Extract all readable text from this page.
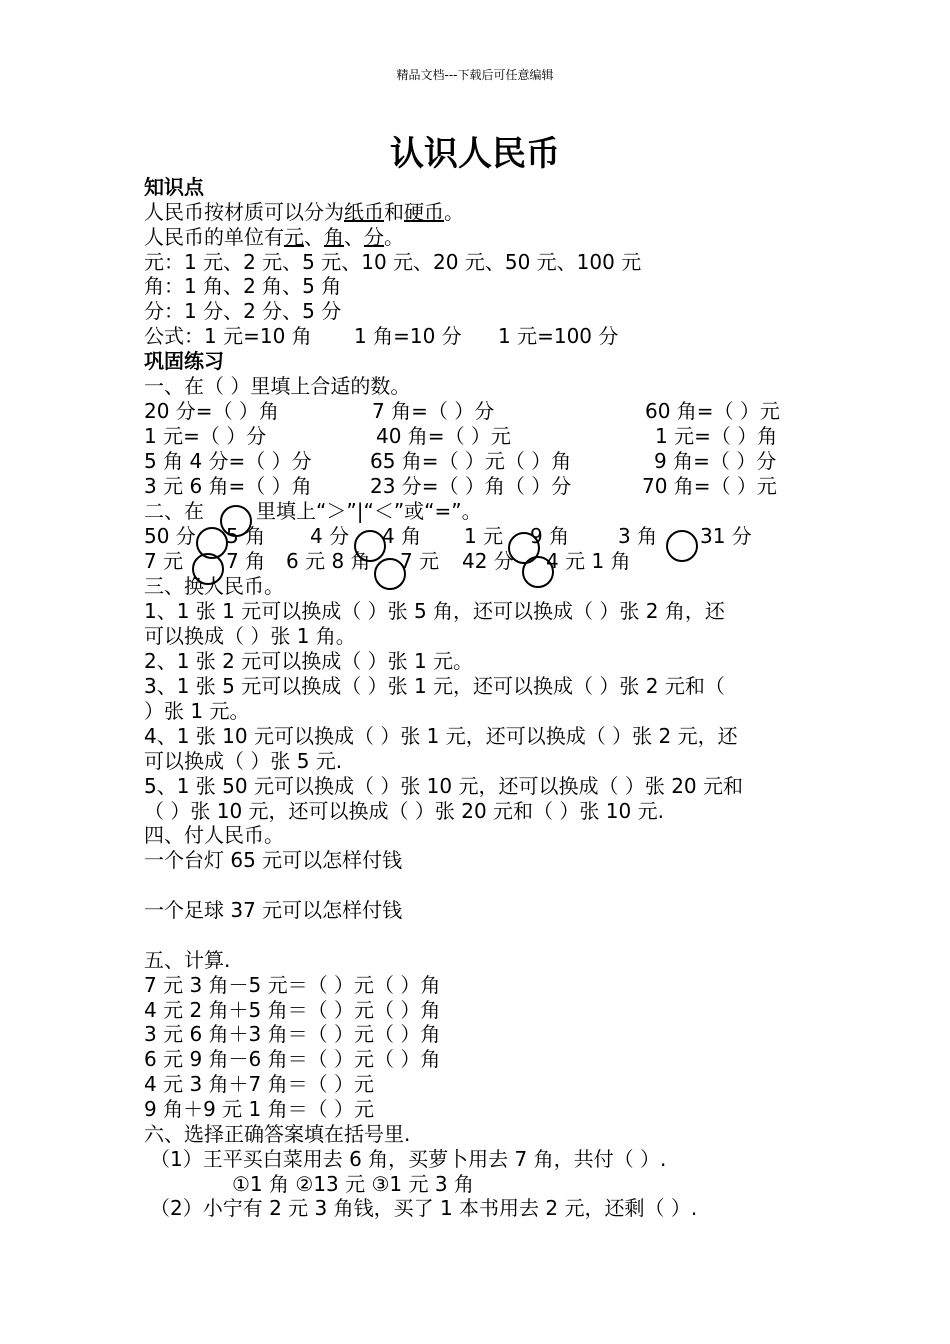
精品文档---下载后可任意编辑
认识人民币
知识点
人民币按材质可以分为纸币和硬币。
人民币的单位有元、角、分。
元：1 元、2 元、5 元、10 元、20 元、50 元、100 元
角：1 角、2 角、5 角
分：1 分、2 分、5 分
公式：1 元=10 角 1 角=10 分 1 元=100 分
巩固练习
一、在（ ）里填上合适的数。
20 分=（ ）角	7 角=（ ）分	60 角=（ ）元
1 元=（ ）分	40 角=（ ）元	1 元=（ ）角
5 角 4 分=（ ）分	65 角=（ ）元（ ）角	9 角=（ ）分
3 元 6 角=（ ）角	23 分=（ ）角（ ）分	70 角=（ ）元
二、在	里填上“＞”|“＜”或“=”。
50 分 5 角 4 分 4 角 1 元 9 角 3 角 31 分
7 元 7 角 6 元 8 角 7 元 42 分 4 元 1 角
三、换人民币。
1、1 张 1 元可以换成（ ）张 5 角，还可以换成（ ）张 2 角，还
可以换成（ ）张 1 角。
2、1 张 2 元可以换成（ ）张 1 元。
3、1 张 5 元可以换成（ ）张 1 元，还可以换成（ ）张 2 元和（
）张 1 元。
4、1 张 10 元可以换成（ ）张 1 元，还可以换成（ ）张 2 元，还
可以换成（ ）张 5 元.
5、1 张 50 元可以换成（ ）张 10 元，还可以换成（ ）张 20 元和
（ ）张 10 元，还可以换成（ ）张 20 元和（ ）张 10 元.
四、付人民币。
一个台灯 65 元可以怎样付钱
一个足球 37 元可以怎样付钱
五、计算.
7 元 3 角－5 元＝（ ）元（ ）角
4 元 2 角＋5 角＝（ ）元（ ）角
3 元 6 角＋3 角＝（ ）元（ ）角
6 元 9 角－6 角＝（ ）元（ ）角
4 元 3 角＋7 角＝（ ）元
9 角＋9 元 1 角＝（ ）元
六、选择正确答案填在括号里.
（1）王平买白菜用去 6 角，买萝卜用去 7 角，共付（ ）.
①1 角 ②13 元 ③1 元 3 角
（2）小宁有 2 元 3 角钱，买了 1 本书用去 2 元，还剩（ ）.
